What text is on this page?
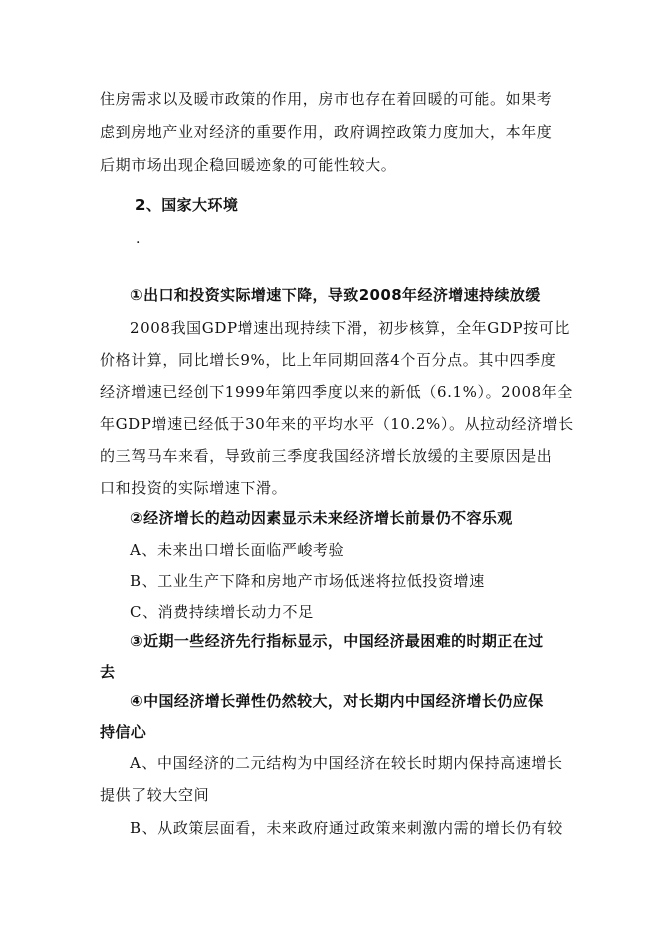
住房需求以及暖市政策的作用，房市也存在着回暖的可能。如果考
虑到房地产业对经济的重要作用，政府调控政策力度加大，本年度
后期市场出现企稳回暖迹象的可能性较大。
2、国家大环境
.
①出口和投资实际增速下降，导致2008年经济增速持续放缓
2008我国GDP增速出现持续下滑，初步核算，全年GDP按可比
价格计算，同比增长9%，比上年同期回落4个百分点。其中四季度
经济增速已经创下1999年第四季度以来的新低（6.1%）。2008年全
年GDP增速已经低于30年来的平均水平（10.2%）。从拉动经济增长
的三驾马车来看，导致前三季度我国经济增长放缓的主要原因是出
口和投资的实际增速下滑。
②经济增长的趋动因素显示未来经济增长前景仍不容乐观
A、未来出口增长面临严峻考验
B、工业生产下降和房地产市场低迷将拉低投资增速
C、消费持续增长动力不足
③近期一些经济先行指标显示，中国经济最困难的时期正在过
去
④中国经济增长弹性仍然较大，对长期内中国经济增长仍应保
持信心
A、中国经济的二元结构为中国经济在较长时期内保持高速增长
提供了较大空间
B、从政策层面看，未来政府通过政策来刺激内需的增长仍有较
